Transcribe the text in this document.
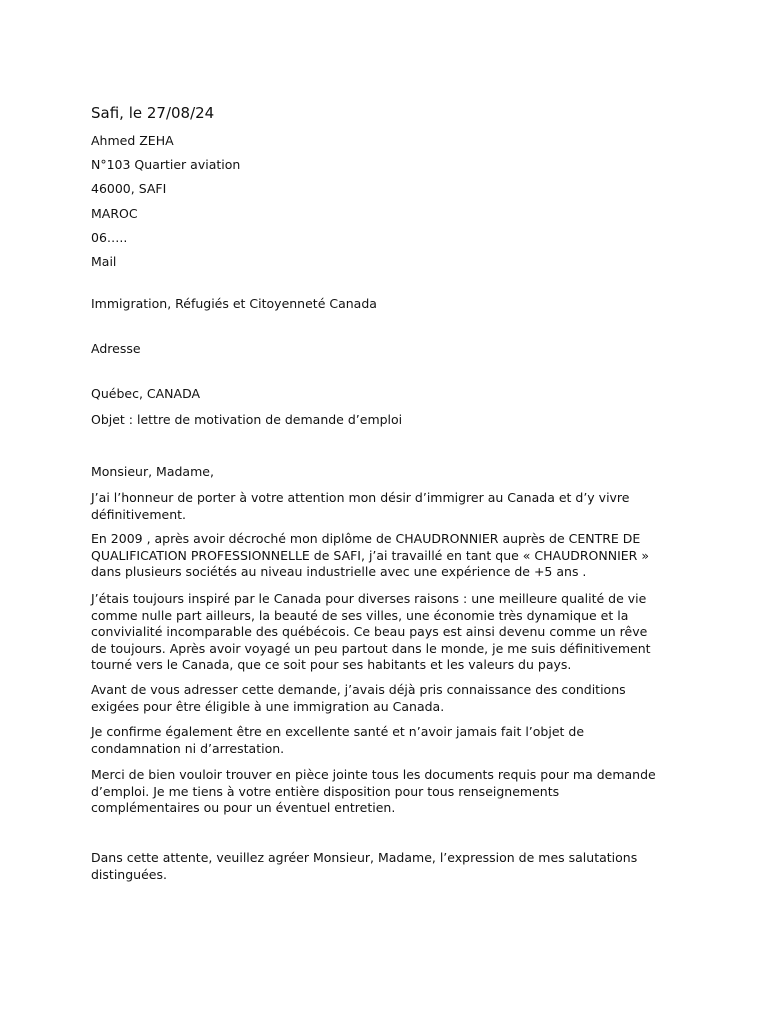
Safi, le 27/08/24
Ahmed ZEHA
N°103 Quartier aviation
46000, SAFI
MAROC
06…..
Mail
Immigration, Réfugiés et Citoyenneté Canada
Adresse
Québec, CANADA
Objet : lettre de motivation de demande d’emploi
Monsieur, Madame,
J’ai l’honneur de porter à votre attention mon désir d’immigrer au Canada et d’y vivre
définitivement.
En 2009 , après avoir décroché mon diplôme de CHAUDRONNIER auprès de CENTRE DE
QUALIFICATION PROFESSIONNELLE de SAFI, j’ai travaillé en tant que « CHAUDRONNIER »
dans plusieurs sociétés au niveau industrielle avec une expérience de +5 ans .
J’étais toujours inspiré par le Canada pour diverses raisons : une meilleure qualité de vie
comme nulle part ailleurs, la beauté de ses villes, une économie très dynamique et la
convivialité incomparable des québécois. Ce beau pays est ainsi devenu comme un rêve
de toujours. Après avoir voyagé un peu partout dans le monde, je me suis définitivement
tourné vers le Canada, que ce soit pour ses habitants et les valeurs du pays.
Avant de vous adresser cette demande, j’avais déjà pris connaissance des conditions
exigées pour être éligible à une immigration au Canada.
Je confirme également être en excellente santé et n’avoir jamais fait l’objet de
condamnation ni d’arrestation.
Merci de bien vouloir trouver en pièce jointe tous les documents requis pour ma demande
d’emploi. Je me tiens à votre entière disposition pour tous renseignements
complémentaires ou pour un éventuel entretien.
Dans cette attente, veuillez agréer Monsieur, Madame, l’expression de mes salutations
distinguées.
